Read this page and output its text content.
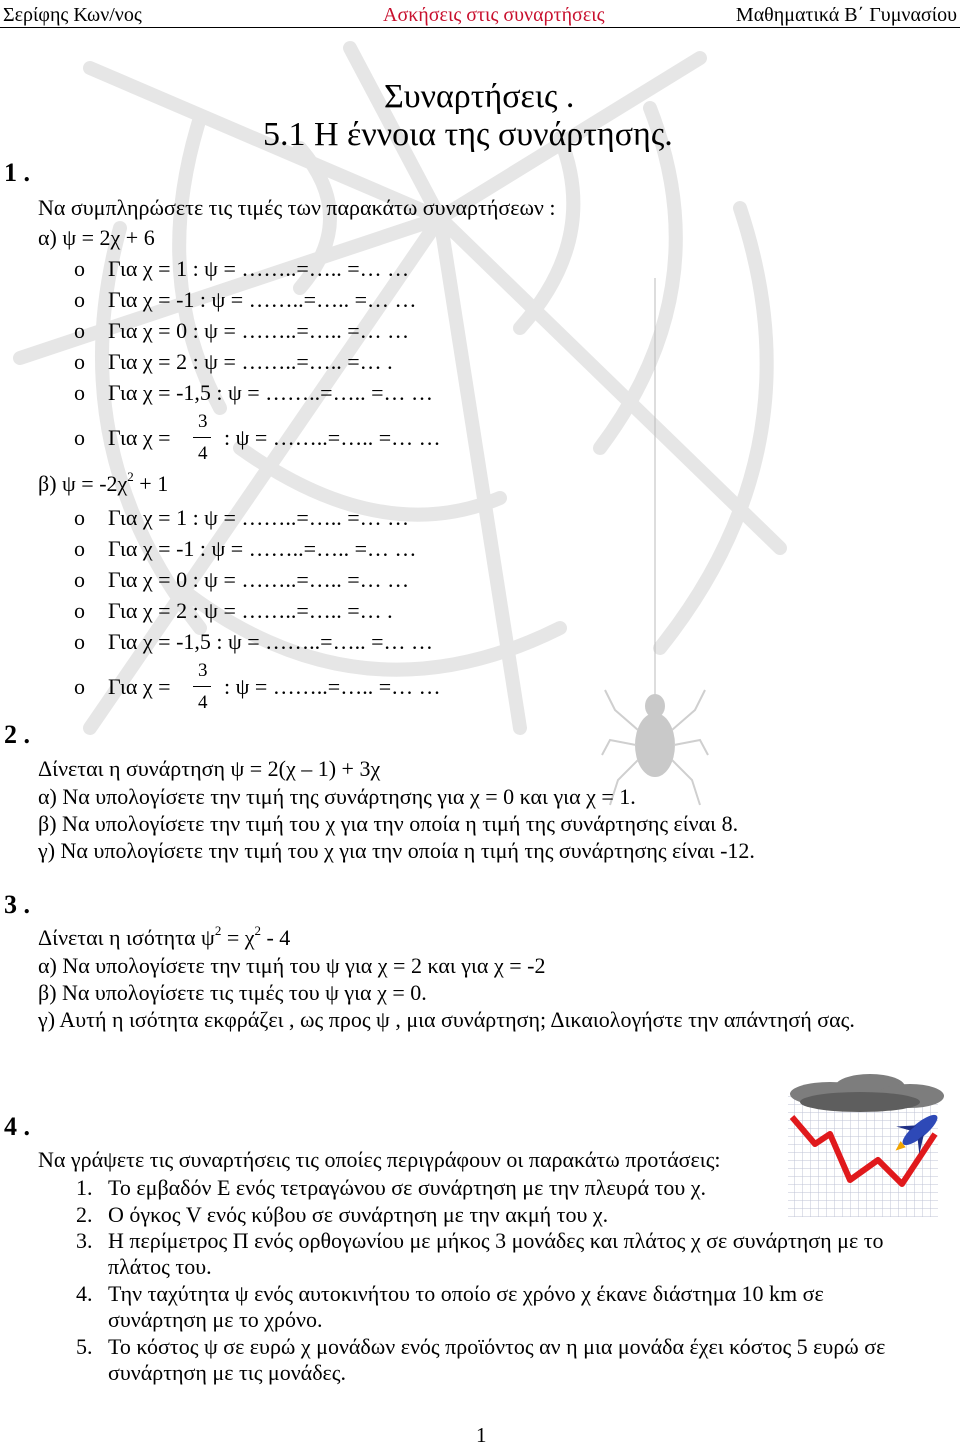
Σερίφης Κων/νος	Ασκήσεις στις συναρτήσεις	Μαθηματικά Β΄ Γυμνασίου
Συναρτήσεις .
5.1 Η έννοια της συνάρτησης.
1 .
Να συμπληρώσετε τις τιμές των παρακάτω συναρτήσεων :
α) ψ = 2χ + 6
o Για χ = 1 : ψ = ……..=….. =… …
o Για χ = -1 : ψ = ……..=….. =… …
o Για χ = 0 : ψ = ……..=….. =… …
o Για χ = 2 : ψ = ……..=….. =… .
o Για χ = -1,5 : ψ = ……..=….. =… …
o Για χ =
3
4
: ψ = ……..=….. =… …
β) $\psi = -2\chi^2 + 1$
o Για χ = 1 : ψ = ……..=….. =… …
o Για χ = -1 : ψ = ……..=….. =… …
o Για χ = 0 : ψ = ……..=….. =… …
o Για χ = 2 : ψ = ……..=….. =… .
o Για χ = -1,5 : ψ = ……..=….. =… …
o Για χ =
3
4
: ψ = ……..=….. =… …
2 .
Δίνεται η συνάρτηση ψ = 2(χ – 1) + 3χ
α) Να υπολογίσετε την τιμή της συνάρτησης για χ = 0 και για χ = 1.
β) Να υπολογίσετε την τιμή του χ για την οποία η τιμή της συνάρτησης είναι 8.
γ) Να υπολογίσετε την τιμή του χ για την οποία η τιμή της συνάρτησης είναι -12.
3 .
Δίνεται η ισότητα $\psi^2 = \chi^2 - 4$
α) Να υπολογίσετε την τιμή του ψ για χ = 2 και για χ = -2
β) Να υπολογίσετε τις τιμές του ψ για χ = 0.
γ) Αυτή η ισότητα εκφράζει , ως προς ψ , μια συνάρτηση; Δικαιολογήστε την απάντησή σας.
4 .
Να γράψετε τις συναρτήσεις τις οποίες περιγράφουν οι παρακάτω προτάσεις:
1. Το εμβαδόν Ε ενός τετραγώνου σε συνάρτηση με την πλευρά του χ.
2. Ο όγκος V ενός κύβου σε συνάρτηση με την ακμή του χ.
3. Η περίμετρος Π ενός ορθογωνίου με μήκος 3 μονάδες και πλάτος χ σε συνάρτηση με το
πλάτος του.
4. Την ταχύτητα ψ ενός αυτοκινήτου το οποίο σε χρόνο χ έκανε διάστημα 10 km σε
συνάρτηση με το χρόνο.
5. Το κόστος ψ σε ευρώ χ μονάδων ενός προϊόντος αν η μια μονάδα έχει κόστος 5 ευρώ σε
συνάρτηση με τις μονάδες.
1
